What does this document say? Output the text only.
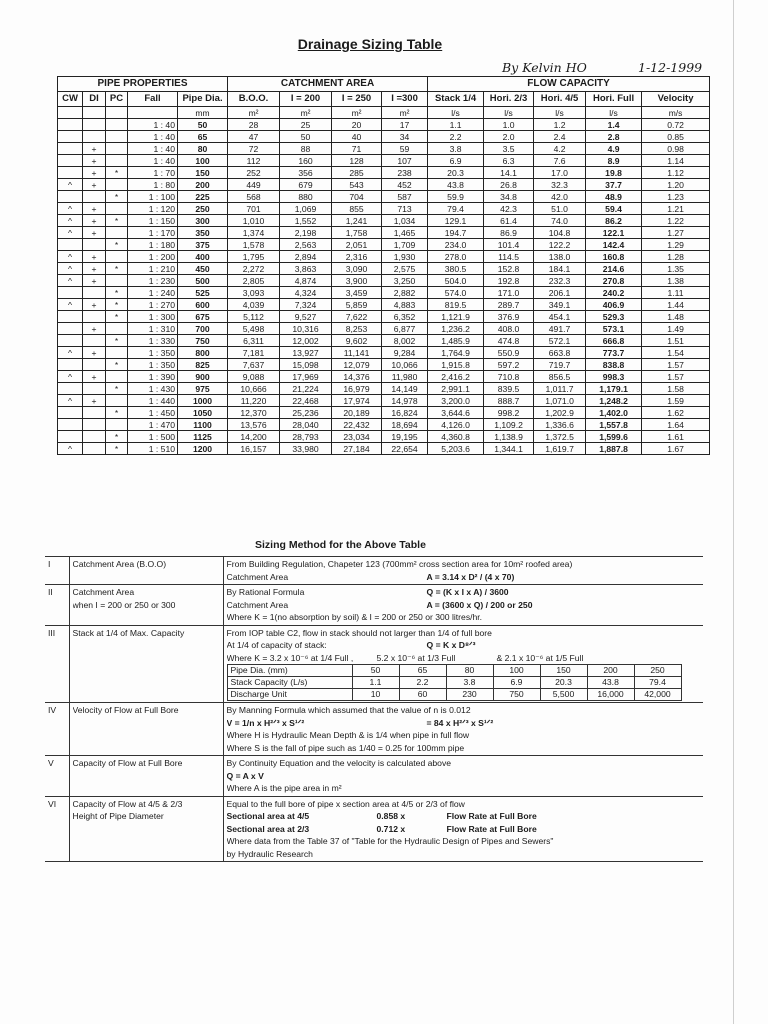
Drainage Sizing Table
By Kelvin HO	1-12-1999
PIPE PROPERTIES					CATCHMENT AREA				FLOW CAPACITY				
CW	DI	PC	Fall	Pipe Dia.	B.O.O.	I = 200	I = 250	I =300	Stack 1/4	Hori. 2/3	Hori. 4/5	Hori. Full	Velocity
				mm	m²	m²	m²	m²	l/s	l/s	l/s	l/s	m/s
			1 : 40	50	28	25	20	17	1.1	1.0	1.2	1.4	0.72
			1 : 40	65	47	50	40	34	2.2	2.0	2.4	2.8	0.85
	+		1 : 40	80	72	88	71	59	3.8	3.5	4.2	4.9	0.98
	+		1 : 40	100	112	160	128	107	6.9	6.3	7.6	8.9	1.14
	+	*	1 : 70	150	252	356	285	238	20.3	14.1	17.0	19.8	1.12
^	+		1 : 80	200	449	679	543	452	43.8	26.8	32.3	37.7	1.20
		*	1 : 100	225	568	880	704	587	59.9	34.8	42.0	48.9	1.23
^	+		1 : 120	250	701	1,069	855	713	79.4	42.3	51.0	59.4	1.21
^	+	*	1 : 150	300	1,010	1,552	1,241	1,034	129.1	61.4	74.0	86.2	1.22
^	+		1 : 170	350	1,374	2,198	1,758	1,465	194.7	86.9	104.8	122.1	1.27
		*	1 : 180	375	1,578	2,563	2,051	1,709	234.0	101.4	122.2	142.4	1.29
^	+		1 : 200	400	1,795	2,894	2,316	1,930	278.0	114.5	138.0	160.8	1.28
^	+	*	1 : 210	450	2,272	3,863	3,090	2,575	380.5	152.8	184.1	214.6	1.35
^	+		1 : 230	500	2,805	4,874	3,900	3,250	504.0	192.8	232.3	270.8	1.38
		*	1 : 240	525	3,093	4,324	3,459	2,882	574.0	171.0	206.1	240.2	1.11
^	+	*	1 : 270	600	4,039	7,324	5,859	4,883	819.5	289.7	349.1	406.9	1.44
		*	1 : 300	675	5,112	9,527	7,622	6,352	1,121.9	376.9	454.1	529.3	1.48
	+		1 : 310	700	5,498	10,316	8,253	6,877	1,236.2	408.0	491.7	573.1	1.49
		*	1 : 330	750	6,311	12,002	9,602	8,002	1,485.9	474.8	572.1	666.8	1.51
^	+		1 : 350	800	7,181	13,927	11,141	9,284	1,764.9	550.9	663.8	773.7	1.54
		*	1 : 350	825	7,637	15,098	12,079	10,066	1,915.8	597.2	719.7	838.8	1.57
^	+		1 : 390	900	9,088	17,969	14,376	11,980	2,416.2	710.8	856.5	998.3	1.57
		*	1 : 430	975	10,666	21,224	16,979	14,149	2,991.1	839.5	1,011.7	1,179.1	1.58
^	+		1 : 440	1000	11,220	22,468	17,974	14,978	3,200.0	888.7	1,071.0	1,248.2	1.59
		*	1 : 450	1050	12,370	25,236	20,189	16,824	3,644.6	998.2	1,202.9	1,402.0	1.62
			1 : 470	1100	13,576	28,040	22,432	18,694	4,126.0	1,109.2	1,336.6	1,557.8	1.64
		*	1 : 500	1125	14,200	28,793	23,034	19,195	4,360.8	1,138.9	1,372.5	1,599.6	1.61
^		*	1 : 510	1200	16,157	33,980	27,184	22,654	5,203.6	1,344.1	1,619.7	1,887.8	1.67
Sizing Method for the Above Table
I	Catchment Area (B.O.O)	From Building Regulation, Chapeter 123 (700mm² cross section area for 10m² roofed area)
Catchment Area	A = 3.14 x D² / (4 x 70)

II	Catchment Area
when I = 200 or 250 or 300

By Rational Formula	Q = (K x I x A) / 3600
Catchment Area	A = (3600 x Q) / 200 or 250
Where K = 1(no absorption by soil) & I = 200 or 250 or 300 litres/hr.

III	Stack at 1/4 of Max. Capacity	From IOP table C2, flow in stack should not larger than 1/4 of full bore
At 1/4 of capacity of stack:	Q = K x D⁸ᐟ³
Where K = 3.2 x 10⁻⁶ at 1/4 Full ,	5.2 x 10⁻⁶ at 1/3 Full	& 2.1 x 10⁻⁶ at 1/5 Full
Pipe Dia. (mm)	50	65	80	100	150	200	250
Stack Capacity (L/s)	1.1	2.2	3.8	6.9	20.3	43.8	79.4
Discharge Unit	10	60	230	750	5,500	16,000	42,000

IV	Velocity of Flow at Full Bore	By Manning Formula which assumed that the value of n is 0.012
V = 1/n x H²ᐟ³ x S¹ᐟ²	= 84 x H²ᐟ³ x S¹ᐟ²
Where H is Hydraulic Mean Depth & is 1/4 when pipe in full flow
Where S is the fall of pipe such as 1/40 = 0.25 for 100mm pipe

V	Capacity of Flow at Full Bore	By Continuity Equation and the velocity is calculated above
Q = A x V
Where A is the pipe area in m²

VI	Capacity of Flow at 4/5 & 2/3
Height of Pipe Diameter

Equal to the full bore of pipe x section area at 4/5 or 2/3 of flow
Sectional area at 4/5	0.858 x	Flow Rate at Full Bore
Sectional area at 2/3	0.712 x	Flow Rate at Full Bore
Where data from the Table 37 of "Table for the Hydraulic Design of Pipes and Sewers"
by Hydraulic Research
